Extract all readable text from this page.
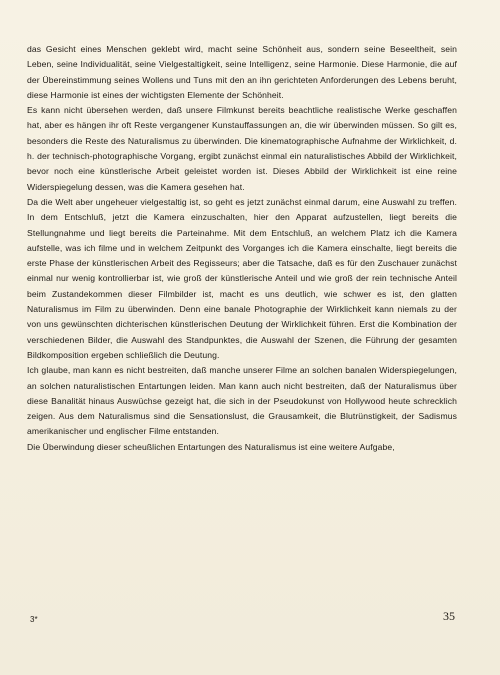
das Gesicht eines Menschen geklebt wird, macht seine Schönheit aus, sondern seine Beseeltheit, sein Leben, seine Individualität, seine Vielgestaltigkeit, seine Intelligenz, seine Harmonie. Diese Harmonie, die auf der Übereinstimmung seines Wollens und Tuns mit den an ihn gerichteten Anforderungen des Lebens beruht, diese Harmonie ist eines der wichtigsten Elemente der Schönheit.

Es kann nicht übersehen werden, daß unsere Filmkunst bereits beachtliche realistische Werke geschaffen hat, aber es hängen ihr oft Reste vergangener Kunstauffassungen an, die wir überwinden müssen. So gilt es, besonders die Reste des Naturalismus zu überwinden. Die kinematographische Aufnahme der Wirklichkeit, d. h. der technisch-photographische Vorgang, ergibt zunächst einmal ein naturalistisches Abbild der Wirklichkeit, bevor noch eine künstlerische Arbeit geleistet worden ist. Dieses Abbild der Wirklichkeit ist eine reine Widerspiegelung dessen, was die Kamera gesehen hat.

Da die Welt aber ungeheuer vielgestaltig ist, so geht es jetzt zunächst einmal darum, eine Auswahl zu treffen. In dem Entschluß, jetzt die Kamera einzuschalten, hier den Apparat aufzustellen, liegt bereits die Stellungnahme und liegt bereits die Parteinahme. Mit dem Entschluß, an welchem Platz ich die Kamera aufstelle, was ich filme und in welchem Zeitpunkt des Vorganges ich die Kamera einschalte, liegt bereits die erste Phase der künstlerischen Arbeit des Regisseurs; aber die Tatsache, daß es für den Zuschauer zunächst einmal nur wenig kontrollierbar ist, wie groß der künstlerische Anteil und wie groß der rein technische Anteil beim Zustandekommen dieser Filmbilder ist, macht es uns deutlich, wie schwer es ist, den glatten Naturalismus im Film zu überwinden. Denn eine banale Photographie der Wirklichkeit kann niemals zu der von uns gewünschten dichterischen künstlerischen Deutung der Wirklichkeit führen. Erst die Kombination der verschiedenen Bilder, die Auswahl des Standpunktes, die Auswahl der Szenen, die Führung der gesamten Bildkomposition ergeben schließlich die Deutung.

Ich glaube, man kann es nicht bestreiten, daß manche unserer Filme an solchen banalen Widerspiegelungen, an solchen naturalistischen Entartungen leiden. Man kann auch nicht bestreiten, daß der Naturalismus über diese Banalität hinaus Auswüchse gezeigt hat, die sich in der Pseudokunst von Hollywood heute schrecklich zeigen. Aus dem Naturalismus sind die Sensationslust, die Grausamkeit, die Blutrünstigkeit, der Sadismus amerikanischer und englischer Filme entstanden.

Die Überwindung dieser scheußlichen Entartungen des Naturalismus ist eine weitere Aufgabe,

3*	35
